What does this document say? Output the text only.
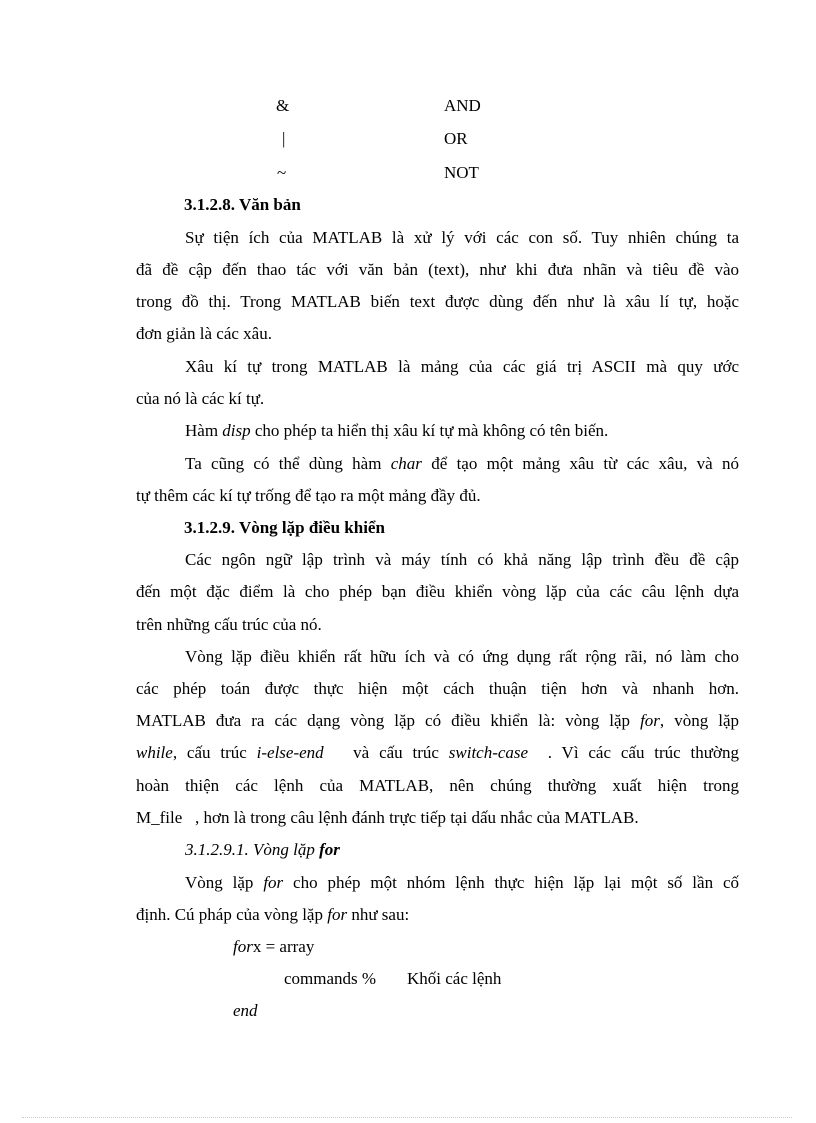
&	AND
|	OR
~	NOT
3.1.2.8. Văn bản
Sự tiện ích của MATLAB là xử lý với các con số. Tuy nhiên chúng ta
đã đề cập đến thao tác với văn bản (text), như khi đưa nhãn và tiêu đề vào
trong đồ thị. Trong MATLAB biến text được dùng đến như là xâu lí tự, hoặc
đơn giản là các xâu.
Xâu kí tự trong MATLAB là mảng của các giá trị ASCII mà quy ước
của nó là các kí tự.
Hàm disp cho phép ta hiển thị xâu kí tự mà không có tên biến.
Ta cũng có thể dùng hàm char để tạo một mảng xâu từ các xâu, và nó
tự thêm các kí tự trống để tạo ra một mảng đầy đủ.
3.1.2.9. Vòng lặp điều khiển
Các ngôn ngữ lập trình và máy tính có khả năng lập trình đều đề cập
đến một đặc điểm là cho phép bạn điều khiển vòng lặp của các câu lệnh dựa
trên những cấu trúc của nó.
Vòng lặp điều khiển rất hữu ích và có ứng dụng rất rộng rãi, nó làm cho
các phép toán được thực hiện một cách thuận tiện hơn và nhanh hơn.
MATLAB đưa ra các dạng vòng lặp có điều khiển là: vòng lặp for, vòng lặp
while, cấu trúc i-else-end   và cấu trúc switch-case  . Vì các cấu trúc thường
hoàn thiện các lệnh của MATLAB, nên chúng thường xuất hiện trong
M_file   , hơn là trong câu lệnh đánh trực tiếp tại dấu nhắc của MATLAB.
3.1.2.9.1. Vòng lặp for
Vòng lặp for cho phép một nhóm lệnh thực hiện lặp lại một số lần cố
định. Cú pháp của vòng lặp for như sau:
forx = array
commands % Khối các lệnh
end
